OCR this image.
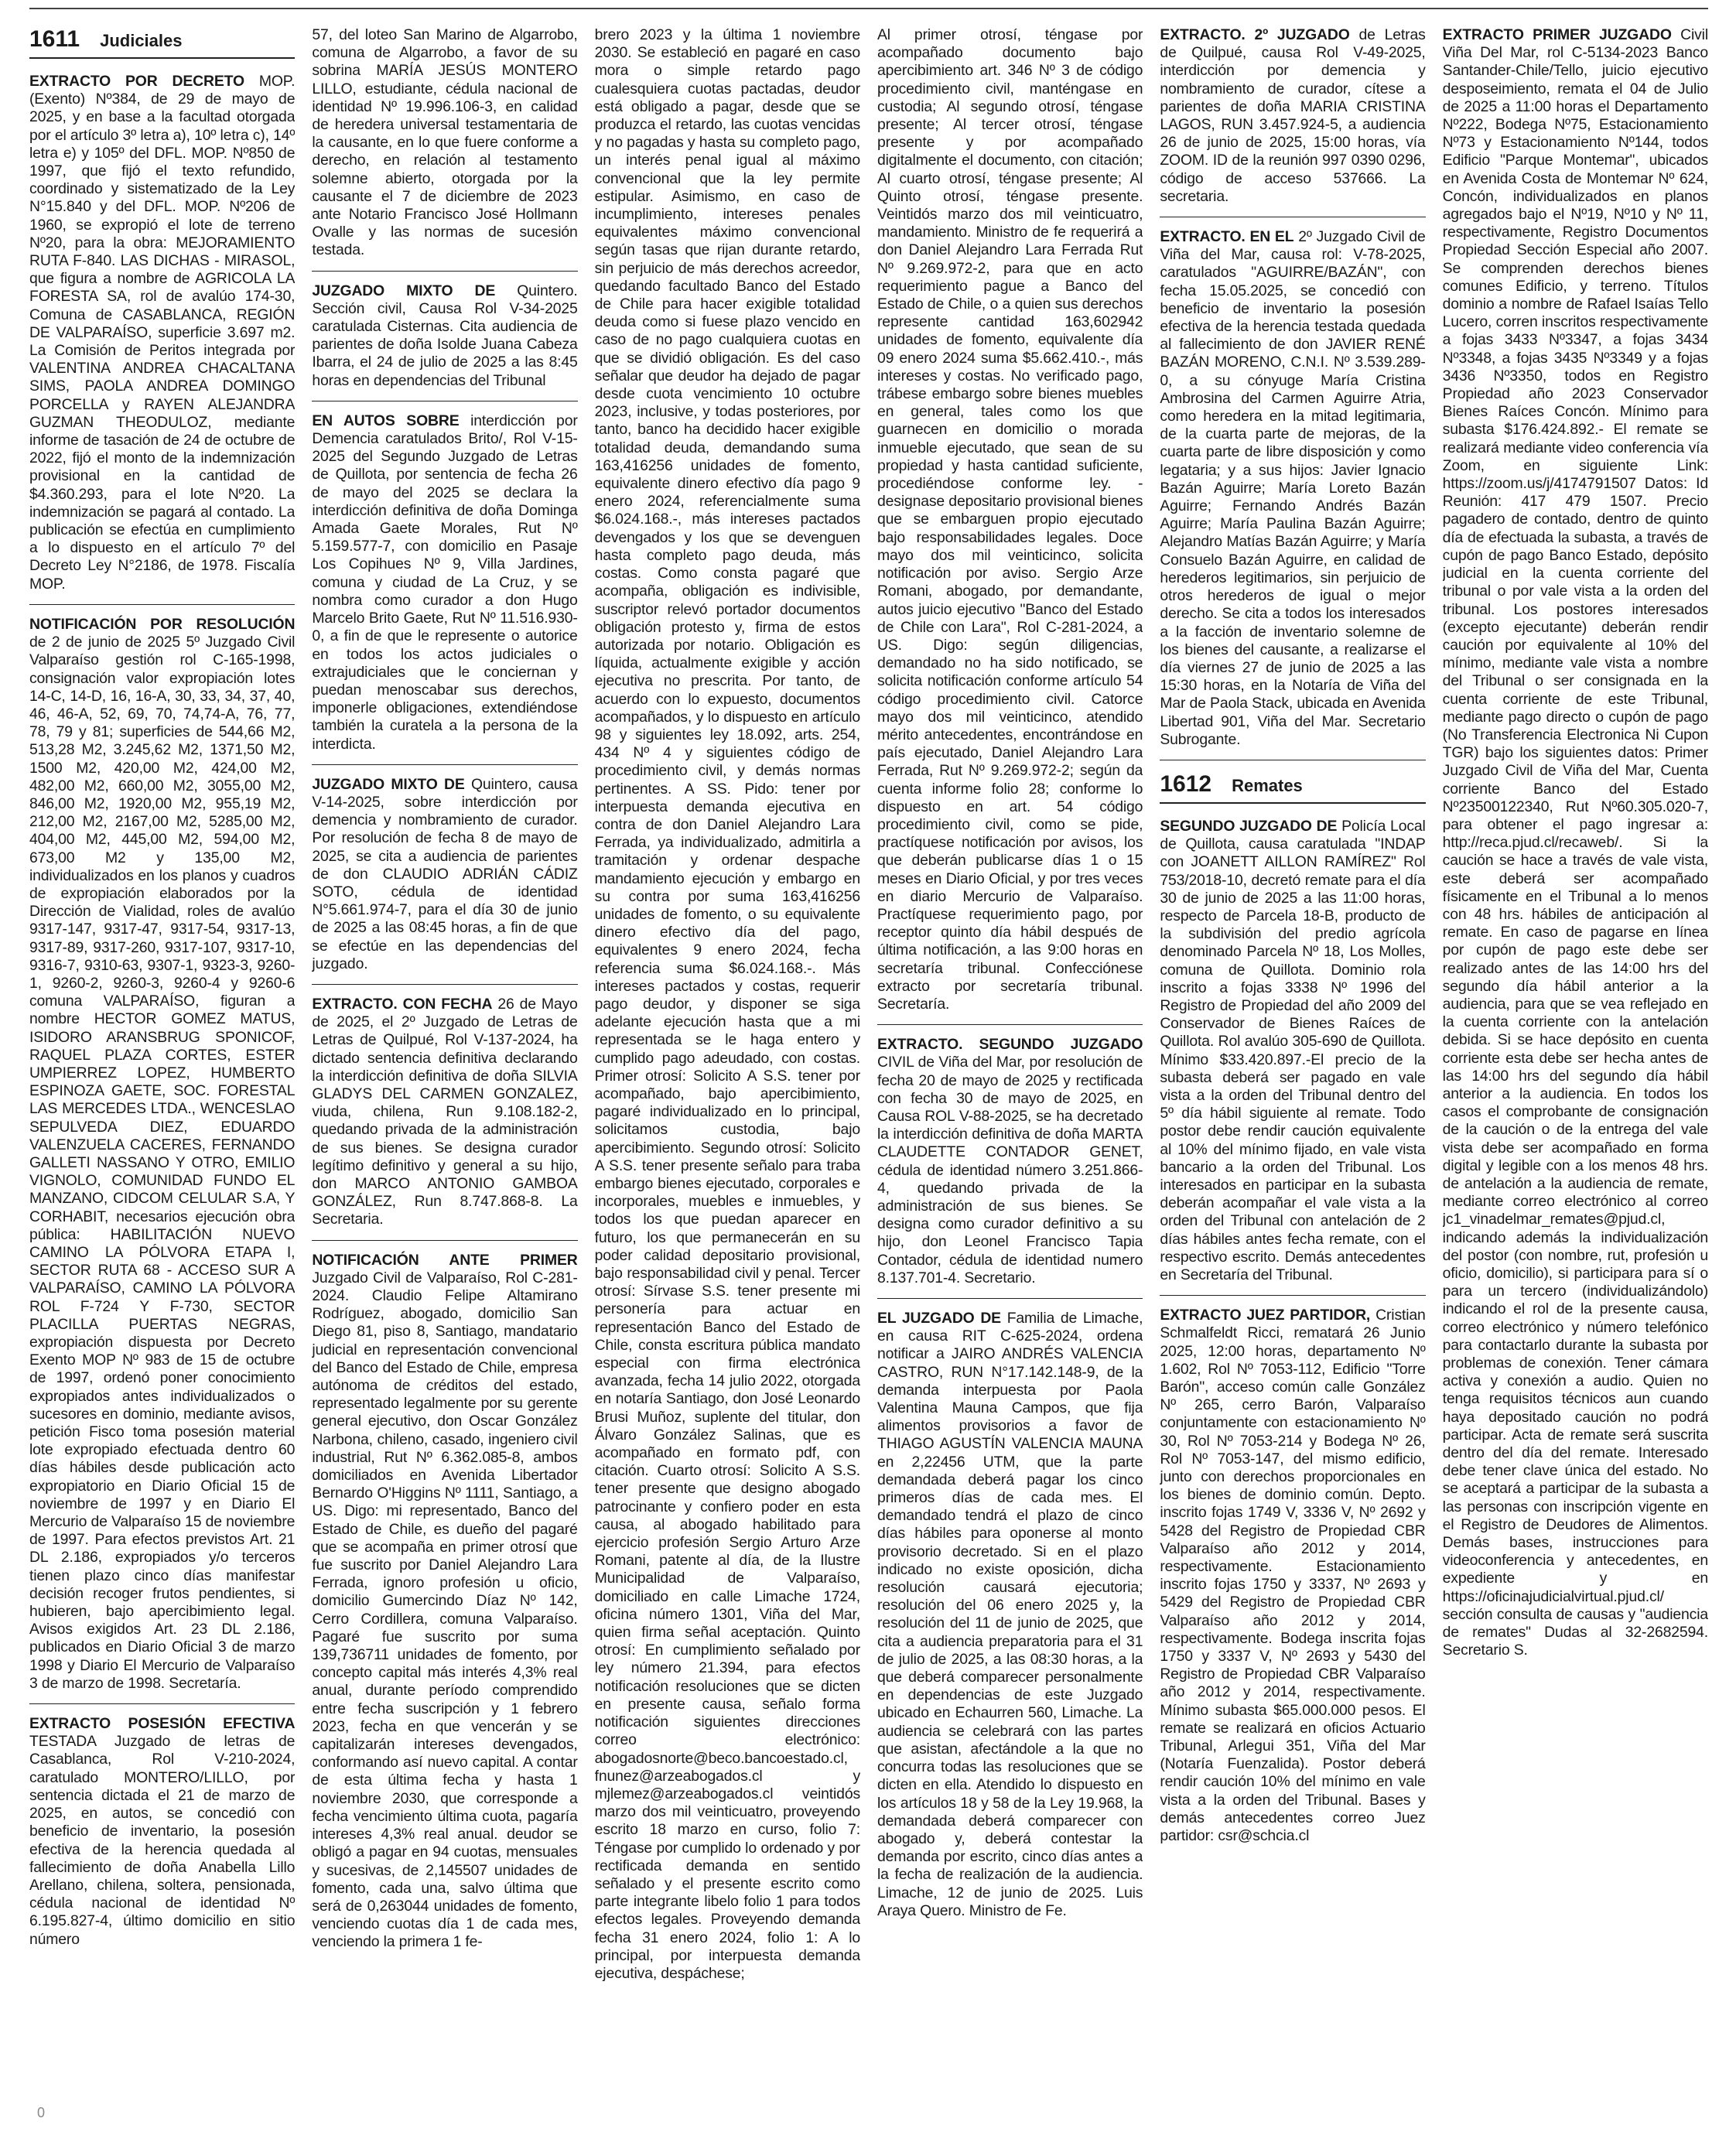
1611 Judiciales

EXTRACTO POR DECRETO MOP. (Exento) Nº384, de 29 de mayo de 2025, y en base a la facultad otorgada por el artículo 3º letra a), 10º letra c), 14º letra e) y 105º del DFL. MOP. Nº850 de 1997, que fijó el texto refundido, coordinado y sistematizado de la Ley N°15.840 y del DFL. MOP. Nº206 de 1960, se expropió el lote de terreno Nº20, para la obra: MEJORAMIENTO RUTA F-840. LAS DICHAS - MIRASOL, que figura a nombre de AGRICOLA LA FORESTA SA, rol de avalúo 174-30, Comuna de CASABLANCA, REGIÓN DE VALPARAÍSO, superficie 3.697 m2. La Comisión de Peritos integrada por VALENTINA ANDREA CHACALTANA SIMS, PAOLA ANDREA DOMINGO PORCELLA y RAYEN ALEJANDRA GUZMAN THEODULOZ, mediante informe de tasación de 24 de octubre de 2022, fijó el monto de la indemnización provisional en la cantidad de $4.360.293, para el lote Nº20. La indemnización se pagará al contado. La publicación se efectúa en cumplimiento a lo dispuesto en el artículo 7º del Decreto Ley N°2186, de 1978. Fiscalía MOP.

NOTIFICACIÓN POR RESOLUCIÓN de 2 de junio de 2025 5º Juzgado Civil Valparaíso gestión rol C-165-1998, consignación valor expropiación lotes 14-C, 14-D, 16, 16-A, 30, 33, 34, 37, 40, 46, 46-A, 52, 69, 70, 74,74-A, 76, 77, 78, 79 y 81; superficies de 544,66 M2, 513,28 M2, 3.245,62 M2, 1371,50 M2, 1500 M2, 420,00 M2, 424,00 M2, 482,00 M2, 660,00 M2, 3055,00 M2, 846,00 M2, 1920,00 M2, 955,19 M2, 212,00 M2, 2167,00 M2, 5285,00 M2, 404,00 M2, 445,00 M2, 594,00 M2, 673,00 M2 y 135,00 M2, individualizados en los planos y cuadros de expropiación elaborados por la Dirección de Vialidad, roles de avalúo 9317-147, 9317-47, 9317-54, 9317-13, 9317-89, 9317-260, 9317-107, 9317-10, 9316-7, 9310-63, 9307-1, 9323-3, 9260-1, 9260-2, 9260-3, 9260-4 y 9260-6 comuna VALPARAÍSO, figuran a nombre HECTOR GOMEZ MATUS, ISIDORO ARANSBRUG SPONICOF, RAQUEL PLAZA CORTES, ESTER UMPIERREZ LOPEZ, HUMBERTO ESPINOZA GAETE, SOC. FORESTAL LAS MERCEDES LTDA., WENCESLAO SEPULVEDA DIEZ, EDUARDO VALENZUELA CACERES, FERNANDO GALLETI NASSANO Y OTRO, EMILIO VIGNOLO, COMUNIDAD FUNDO EL MANZANO, CIDCOM CELULAR S.A, Y CORHABIT, necesarios ejecución obra pública: HABILITACIÓN NUEVO CAMINO LA PÓLVORA ETAPA I, SECTOR RUTA 68 - ACCESO SUR A VALPARAÍSO, CAMINO LA PÓLVORA ROL F-724 Y F-730, SECTOR PLACILLA PUERTAS NEGRAS, expropiación dispuesta por Decreto Exento MOP Nº 983 de 15 de octubre de 1997, ordenó poner conocimiento expropiados antes individualizados o sucesores en dominio, mediante avisos, petición Fisco toma posesión material lote expropiado efectuada dentro 60 días hábiles desde publicación acto expropiatorio en Diario Oficial 15 de noviembre de 1997 y en Diario El Mercurio de Valparaíso 15 de noviembre de 1997. Para efectos previstos Art. 21 DL 2.186, expropiados y/o terceros tienen plazo cinco días manifestar decisión recoger frutos pendientes, si hubieren, bajo apercibimiento legal. Avisos exigidos Art. 23 DL 2.186, publicados en Diario Oficial 3 de marzo 1998 y Diario El Mercurio de Valparaíso 3 de marzo de 1998. Secretaría.

EXTRACTO POSESIÓN EFECTIVA TESTADA Juzgado de letras de Casablanca, Rol V-210-2024, caratulado MONTERO/LILLO, por sentencia dictada el 21 de marzo de 2025, en autos, se concedió con beneficio de inventario, la posesión efectiva de la herencia quedada al fallecimiento de doña Anabella Lillo Arellano, chilena, soltera, pensionada, cédula nacional de identidad Nº 6.195.827-4, último domicilio en sitio número

57, del loteo San Marino de Algarrobo, comuna de Algarrobo, a favor de su sobrina MARÍA JESÚS MONTERO LILLO, estudiante, cédula nacional de identidad Nº 19.996.106-3, en calidad de heredera universal testamentaria de la causante, en lo que fuere conforme a derecho, en relación al testamento solemne abierto, otorgada por la causante el 7 de diciembre de 2023 ante Notario Francisco José Hollmann Ovalle y las normas de sucesión testada.

JUZGADO MIXTO DE Quintero. Sección civil, Causa Rol V-34-2025 caratulada Cisternas. Cita audiencia de parientes de doña Isolde Juana Cabeza Ibarra, el 24 de julio de 2025 a las 8:45 horas en dependencias del Tribunal

EN AUTOS SOBRE interdicción por Demencia caratulados Brito/, Rol V-15-2025 del Segundo Juzgado de Letras de Quillota, por sentencia de fecha 26 de mayo del 2025 se declara la interdicción definitiva de doña Dominga Amada Gaete Morales, Rut Nº 5.159.577-7, con domicilio en Pasaje Los Copihues Nº 9, Villa Jardines, comuna y ciudad de La Cruz, y se nombra como curador a don Hugo Marcelo Brito Gaete, Rut Nº 11.516.930-0, a fin de que le represente o autorice en todos los actos judiciales o extrajudiciales que le conciernan y puedan menoscabar sus derechos, imponerle obligaciones, extendiéndose también la curatela a la persona de la interdicta.

JUZGADO MIXTO DE Quintero, causa V-14-2025, sobre interdicción por demencia y nombramiento de curador. Por resolución de fecha 8 de mayo de 2025, se cita a audiencia de parientes de don CLAUDIO ADRIÁN CÁDIZ SOTO, cédula de identidad N°5.661.974-7, para el día 30 de junio de 2025 a las 08:45 horas, a fin de que se efectúe en las dependencias del juzgado.

EXTRACTO. CON FECHA 26 de Mayo de 2025, el 2º Juzgado de Letras de Letras de Quilpué, Rol V-137-2024, ha dictado sentencia definitiva declarando la interdicción definitiva de doña SILVIA GLADYS DEL CARMEN GONZALEZ, viuda, chilena, Run 9.108.182-2, quedando privada de la administración de sus bienes. Se designa curador legítimo definitivo y general a su hijo, don MARCO ANTONIO GAMBOA GONZÁLEZ, Run 8.747.868-8. La Secretaria.

NOTIFICACIÓN ANTE PRIMER Juzgado Civil de Valparaíso, Rol C-281-2024. Claudio Felipe Altamirano Rodríguez, abogado, domicilio San Diego 81, piso 8, Santiago, mandatario judicial en representación convencional del Banco del Estado de Chile, empresa autónoma de créditos del estado, representado legalmente por su gerente general ejecutivo, don Oscar González Narbona, chileno, casado, ingeniero civil industrial, Rut Nº 6.362.085-8, ambos domiciliados en Avenida Libertador Bernardo O'Higgins Nº 1111, Santiago, a US. Digo: mi representado, Banco del Estado de Chile, es dueño del pagaré que se acompaña en primer otrosí que fue suscrito por Daniel Alejandro Lara Ferrada, ignoro profesión u oficio, domicilio Gumercindo Díaz Nº 142, Cerro Cordillera, comuna Valparaíso. Pagaré fue suscrito por suma 139,736711 unidades de fomento, por concepto capital más interés 4,3% real anual, durante período comprendido entre fecha suscripción y 1 febrero 2023, fecha en que vencerán y se capitalizarán intereses devengados, conformando así nuevo capital. A contar de esta última fecha y hasta 1 noviembre 2030, que corresponde a fecha vencimiento última cuota, pagaría intereses 4,3% real anual. deudor se obligó a pagar en 94 cuotas, mensuales y sucesivas, de 2,145507 unidades de fomento, cada una, salvo última que será de 0,263044 unidades de fomento, venciendo cuotas día 1 de cada mes, venciendo la primera 1 fe-

brero 2023 y la última 1 noviembre 2030. Se estableció en pagaré en caso mora o simple retardo pago cualesquiera cuotas pactadas, deudor está obligado a pagar, desde que se produzca el retardo, las cuotas vencidas y no pagadas y hasta su completo pago, un interés penal igual al máximo convencional que la ley permite estipular. Asimismo, en caso de incumplimiento, intereses penales equivalentes máximo convencional según tasas que rijan durante retardo, sin perjuicio de más derechos acreedor, quedando facultado Banco del Estado de Chile para hacer exigible totalidad deuda como si fuese plazo vencido en caso de no pago cualquiera cuotas en que se dividió obligación. Es del caso señalar que deudor ha dejado de pagar desde cuota vencimiento 10 octubre 2023, inclusive, y todas posteriores, por tanto, banco ha decidido hacer exigible totalidad deuda, demandando suma 163,416256 unidades de fomento, equivalente dinero efectivo día pago 9 enero 2024, referencialmente suma $6.024.168.-, más intereses pactados devengados y los que se devenguen hasta completo pago deuda, más costas. Como consta pagaré que acompaña, obligación es indivisible, suscriptor relevó portador documentos obligación protesto y, firma de estos autorizada por notario. Obligación es líquida, actualmente exigible y acción ejecutiva no prescrita. Por tanto, de acuerdo con lo expuesto, documentos acompañados, y lo dispuesto en artículo 98 y siguientes ley 18.092, arts. 254, 434 Nº 4 y siguientes código de procedimiento civil, y demás normas pertinentes. A SS. Pido: tener por interpuesta demanda ejecutiva en contra de don Daniel Alejandro Lara Ferrada, ya individualizado, admitirla a tramitación y ordenar despache mandamiento ejecución y embargo en su contra por suma 163,416256 unidades de fomento, o su equivalente dinero efectivo día del pago, equivalentes 9 enero 2024, fecha referencia suma $6.024.168.-. Más intereses pactados y costas, requerir pago deudor, y disponer se siga adelante ejecución hasta que a mi representada se le haga entero y cumplido pago adeudado, con costas. Primer otrosí: Solicito A S.S. tener por acompañado, bajo apercibimiento, pagaré individualizado en lo principal, solicitamos custodia, bajo apercibimiento. Segundo otrosí: Solicito A S.S. tener presente señalo para traba embargo bienes ejecutado, corporales e incorporales, muebles e inmuebles, y todos los que puedan aparecer en futuro, los que permanecerán en su poder calidad depositario provisional, bajo responsabilidad civil y penal. Tercer otrosí: Sírvase S.S. tener presente mi personería para actuar en representación Banco del Estado de Chile, consta escritura pública mandato especial con firma electrónica avanzada, fecha 14 julio 2022, otorgada en notaría Santiago, don José Leonardo Brusi Muñoz, suplente del titular, don Álvaro González Salinas, que es acompañado en formato pdf, con citación. Cuarto otrosí: Solicito A S.S. tener presente que designo abogado patrocinante y confiero poder en esta causa, al abogado habilitado para ejercicio profesión Sergio Arturo Arze Romani, patente al día, de la Ilustre Municipalidad de Valparaíso, domiciliado en calle Limache 1724, oficina número 1301, Viña del Mar, quien firma señal aceptación. Quinto otrosí: En cumplimiento señalado por ley número 21.394, para efectos notificación resoluciones que se dicten en presente causa, señalo forma notificación siguientes direcciones correo electrónico: abogadosnorte@beco.bancoestado.cl, fnunez@arzeabogados.cl y mjlemez@arzeabogados.cl veintidós marzo dos mil veinticuatro, proveyendo escrito 18 marzo en curso, folio 7: Téngase por cumplido lo ordenado y por rectificada demanda en sentido señalado y el presente escrito como parte integrante libelo folio 1 para todos efectos legales. Proveyendo demanda fecha 31 enero 2024, folio 1: A lo principal, por interpuesta demanda ejecutiva, despáchese;

Al primer otrosí, téngase por acompañado documento bajo apercibimiento art. 346 Nº 3 de código procedimiento civil, manténgase en custodia; Al segundo otrosí, téngase presente; Al tercer otrosí, téngase presente y por acompañado digitalmente el documento, con citación; Al cuarto otrosí, téngase presente; Al Quinto otrosí, téngase presente. Veintidós marzo dos mil veinticuatro, mandamiento. Ministro de fe requerirá a don Daniel Alejandro Lara Ferrada Rut Nº 9.269.972-2, para que en acto requerimiento pague a Banco del Estado de Chile, o a quien sus derechos represente cantidad 163,602942 unidades de fomento, equivalente día 09 enero 2024 suma $5.662.410.-, más intereses y costas. No verificado pago, trábese embargo sobre bienes muebles en general, tales como los que guarnecen en domicilio o morada inmueble ejecutado, que sean de su propiedad y hasta cantidad suficiente, procediéndose conforme ley. - designase depositario provisional bienes que se embarguen propio ejecutado bajo responsabilidades legales. Doce mayo dos mil veinticinco, solicita notificación por aviso. Sergio Arze Romani, abogado, por demandante, autos juicio ejecutivo "Banco del Estado de Chile con Lara", Rol C-281-2024, a US. Digo: según diligencias, demandado no ha sido notificado, se solicita notificación conforme artículo 54 código procedimiento civil. Catorce mayo dos mil veinticinco, atendido mérito antecedentes, encontrándose en país ejecutado, Daniel Alejandro Lara Ferrada, Rut Nº 9.269.972-2; según da cuenta informe folio 28; conforme lo dispuesto en art. 54 código procedimiento civil, como se pide, practíquese notificación por avisos, los que deberán publicarse días 1 o 15 meses en Diario Oficial, y por tres veces en diario Mercurio de Valparaíso. Practíquese requerimiento pago, por receptor quinto día hábil después de última notificación, a las 9:00 horas en secretaría tribunal. Confecciónese extracto por secretaría tribunal. Secretaría.

EXTRACTO. SEGUNDO JUZGADO CIVIL de Viña del Mar, por resolución de fecha 20 de mayo de 2025 y rectificada con fecha 30 de mayo de 2025, en Causa ROL V-88-2025, se ha decretado la interdicción definitiva de doña MARTA CLAUDETTE CONTADOR GENET, cédula de identidad número 3.251.866-4, quedando privada de la administración de sus bienes. Se designa como curador definitivo a su hijo, don Leonel Francisco Tapia Contador, cédula de identidad numero 8.137.701-4. Secretario.

EL JUZGADO DE Familia de Limache, en causa RIT C-625-2024, ordena notificar a JAIRO ANDRÉS VALENCIA CASTRO, RUN N°17.142.148-9, de la demanda interpuesta por Paola Valentina Mauna Campos, que fija alimentos provisorios a favor de THIAGO AGUSTÍN VALENCIA MAUNA en 2,22456 UTM, que la parte demandada deberá pagar los cinco primeros días de cada mes. El demandado tendrá el plazo de cinco días hábiles para oponerse al monto provisorio decretado. Si en el plazo indicado no existe oposición, dicha resolución causará ejecutoria; resolución del 06 enero 2025 y, la resolución del 11 de junio de 2025, que cita a audiencia preparatoria para el 31 de julio de 2025, a las 08:30 horas, a la que deberá comparecer personalmente en dependencias de este Juzgado ubicado en Echaurren 560, Limache. La audiencia se celebrará con las partes que asistan, afectándole a la que no concurra todas las resoluciones que se dicten en ella. Atendido lo dispuesto en los artículos 18 y 58 de la Ley 19.968, la demandada deberá comparecer con abogado y, deberá contestar la demanda por escrito, cinco días antes a la fecha de realización de la audiencia. Limache, 12 de junio de 2025. Luis Araya Quero. Ministro de Fe.

EXTRACTO. 2º JUZGADO de Letras de Quilpué, causa Rol V-49-2025, interdicción por demencia y nombramiento de curador, cítese a parientes de doña MARIA CRISTINA LAGOS, RUN 3.457.924-5, a audiencia 26 de junio de 2025, 15:00 horas, vía ZOOM. ID de la reunión 997 0390 0296, código de acceso 537666. La secretaria.

EXTRACTO. EN EL 2º Juzgado Civil de Viña del Mar, causa rol: V-78-2025, caratulados "AGUIRRE/BAZÁN", con fecha 15.05.2025, se concedió con beneficio de inventario la posesión efectiva de la herencia testada quedada al fallecimiento de don JAVIER RENÉ BAZÁN MORENO, C.N.I. Nº 3.539.289-0, a su cónyuge María Cristina Ambrosina del Carmen Aguirre Atria, como heredera en la mitad legitimaria, de la cuarta parte de mejoras, de la cuarta parte de libre disposición y como legataria; y a sus hijos: Javier Ignacio Bazán Aguirre; María Loreto Bazán Aguirre; Fernando Andrés Bazán Aguirre; María Paulina Bazán Aguirre; Alejandro Matías Bazán Aguirre; y María Consuelo Bazán Aguirre, en calidad de herederos legitimarios, sin perjuicio de otros herederos de igual o mejor derecho. Se cita a todos los interesados a la facción de inventario solemne de los bienes del causante, a realizarse el día viernes 27 de junio de 2025 a las 15:30 horas, en la Notaría de Viña del Mar de Paola Stack, ubicada en Avenida Libertad 901, Viña del Mar. Secretario Subrogante.

1612 Remates

SEGUNDO JUZGADO DE Policía Local de Quillota, causa caratulada "INDAP con JOANETT AILLON RAMÍREZ" Rol 753/2018-10, decretó remate para el día 30 de junio de 2025 a las 11:00 horas, respecto de Parcela 18-B, producto de la subdivisión del predio agrícola denominado Parcela Nº 18, Los Molles, comuna de Quillota. Dominio rola inscrito a fojas 3338 Nº 1996 del Registro de Propiedad del año 2009 del Conservador de Bienes Raíces de Quillota. Rol avalúo 305-690 de Quillota. Mínimo $33.420.897.-El precio de la subasta deberá ser pagado en vale vista a la orden del Tribunal dentro del 5º día hábil siguiente al remate. Todo postor debe rendir caución equivalente al 10% del mínimo fijado, en vale vista bancario a la orden del Tribunal. Los interesados en participar en la subasta deberán acompañar el vale vista a la orden del Tribunal con antelación de 2 días hábiles antes fecha remate, con el respectivo escrito. Demás antecedentes en Secretaría del Tribunal.

EXTRACTO JUEZ PARTIDOR, Cristian Schmalfeldt Ricci, rematará 26 Junio 2025, 12:00 horas, departamento Nº 1.602, Rol Nº 7053-112, Edificio "Torre Barón", acceso común calle González Nº 265, cerro Barón, Valparaíso conjuntamente con estacionamiento Nº 30, Rol Nº 7053-214 y Bodega Nº 26, Rol Nº 7053-147, del mismo edificio, junto con derechos proporcionales en los bienes de dominio común. Depto. inscrito fojas 1749 V, 3336 V, Nº 2692 y 5428 del Registro de Propiedad CBR Valparaíso año 2012 y 2014, respectivamente. Estacionamiento inscrito fojas 1750 y 3337, Nº 2693 y 5429 del Registro de Propiedad CBR Valparaíso año 2012 y 2014, respectivamente. Bodega inscrita fojas 1750 y 3337 V, Nº 2693 y 5430 del Registro de Propiedad CBR Valparaíso año 2012 y 2014, respectivamente. Mínimo subasta $65.000.000 pesos. El remate se realizará en oficios Actuario Tribunal, Arlegui 351, Viña del Mar (Notaría Fuenzalida). Postor deberá rendir caución 10% del mínimo en vale vista a la orden del Tribunal. Bases y demás antecedentes correo Juez partidor: csr@schcia.cl

EXTRACTO PRIMER JUZGADO Civil Viña Del Mar, rol C-5134-2023 Banco Santander-Chile/Tello, juicio ejecutivo desposeimiento, remata el 04 de Julio de 2025 a 11:00 horas el Departamento Nº222, Bodega Nº75, Estacionamiento Nº73 y Estacionamiento Nº144, todos Edificio "Parque Montemar", ubicados en Avenida Costa de Montemar Nº 624, Concón, individualizados en planos agregados bajo el Nº19, Nº10 y Nº 11, respectivamente, Registro Documentos Propiedad Sección Especial año 2007. Se comprenden derechos bienes comunes Edificio, y terreno. Títulos dominio a nombre de Rafael Isaías Tello Lucero, corren inscritos respectivamente a fojas 3433 Nº3347, a fojas 3434 Nº3348, a fojas 3435 Nº3349 y a fojas 3436 Nº3350, todos en Registro Propiedad año 2023 Conservador Bienes Raíces Concón. Mínimo para subasta $176.424.892.- El remate se realizará mediante video conferencia vía Zoom, en siguiente Link: https://zoom.us/j/4174791507 Datos: Id Reunión: 417 479 1507. Precio pagadero de contado, dentro de quinto día de efectuada la subasta, a través de cupón de pago Banco Estado, depósito judicial en la cuenta corriente del tribunal o por vale vista a la orden del tribunal. Los postores interesados (excepto ejecutante) deberán rendir caución por equivalente al 10% del mínimo, mediante vale vista a nombre del Tribunal o ser consignada en la cuenta corriente de este Tribunal, mediante pago directo o cupón de pago (No Transferencia Electronica Ni Cupon TGR) bajo los siguientes datos: Primer Juzgado Civil de Viña del Mar, Cuenta corriente Banco del Estado Nº23500122340, Rut Nº60.305.020-7, para obtener el pago ingresar a: http://reca.pjud.cl/recaweb/. Si la caución se hace a través de vale vista, este deberá ser acompañado físicamente en el Tribunal a lo menos con 48 hrs. hábiles de anticipación al remate. En caso de pagarse en línea por cupón de pago este debe ser realizado antes de las 14:00 hrs del segundo día hábil anterior a la audiencia, para que se vea reflejado en la cuenta corriente con la antelación debida. Si se hace depósito en cuenta corriente esta debe ser hecha antes de las 14:00 hrs del segundo día hábil anterior a la audiencia. En todos los casos el comprobante de consignación de la caución o de la entrega del vale vista debe ser acompañado en forma digital y legible con a los menos 48 hrs. de antelación a la audiencia de remate, mediante correo electrónico al correo jc1_vinadelmar_remates@pjud.cl, indicando además la individualización del postor (con nombre, rut, profesión u oficio, domicilio), si participara para sí o para un tercero (individualizándolo) indicando el rol de la presente causa, correo electrónico y número telefónico para contactarlo durante la subasta por problemas de conexión. Tener cámara activa y conexión a audio. Quien no tenga requisitos técnicos aun cuando haya depositado caución no podrá participar. Acta de remate será suscrita dentro del día del remate. Interesado debe tener clave única del estado. No se aceptará a participar de la subasta a las personas con inscripción vigente en el Registro de Deudores de Alimentos. Demás bases, instrucciones para videoconferencia y antecedentes, en expediente y en https://oficinajudicialvirtual.pjud.cl/ sección consulta de causas y "audiencia de remates" Dudas al 32-2682594. Secretario S.

0
